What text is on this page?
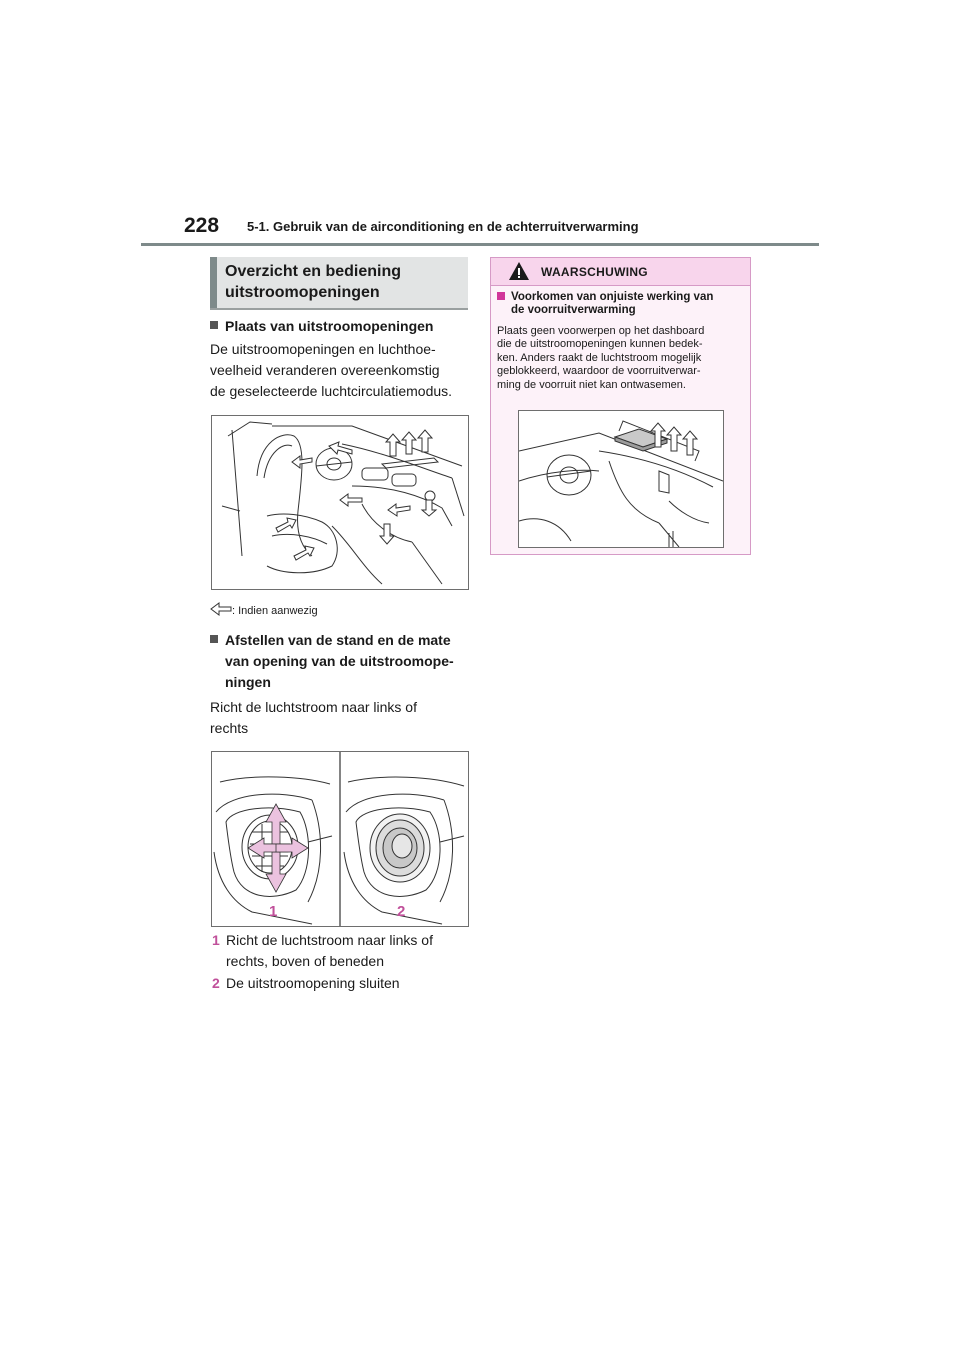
228 5-1. Gebruik van de airconditioning en de achterruitverwarming
Overzicht en bediening
uitstroomopeningen
Plaats van uitstroomopeningen
De uitstroomopeningen en luchthoe-
veelheid veranderen overeenkomstig
de geselecteerde luchtcirculatiemodus.
: Indien aanwezig
Afstellen van de stand en de mate
van opening van de uitstroomope-
ningen
Richt de luchtstroom naar links of
rechts
1	2
1 Richt de luchtstroom naar links of
rechts, boven of beneden
2 De uitstroomopening sluiten
WAARSCHUWING
Voorkomen van onjuiste werking van
de voorruitverwarming
Plaats geen voorwerpen op het dashboard
die de uitstroomopeningen kunnen bedek-
ken. Anders raakt de luchtstroom mogelijk
geblokkeerd, waardoor de voorruitverwar-
ming de voorruit niet kan ontwasemen.
